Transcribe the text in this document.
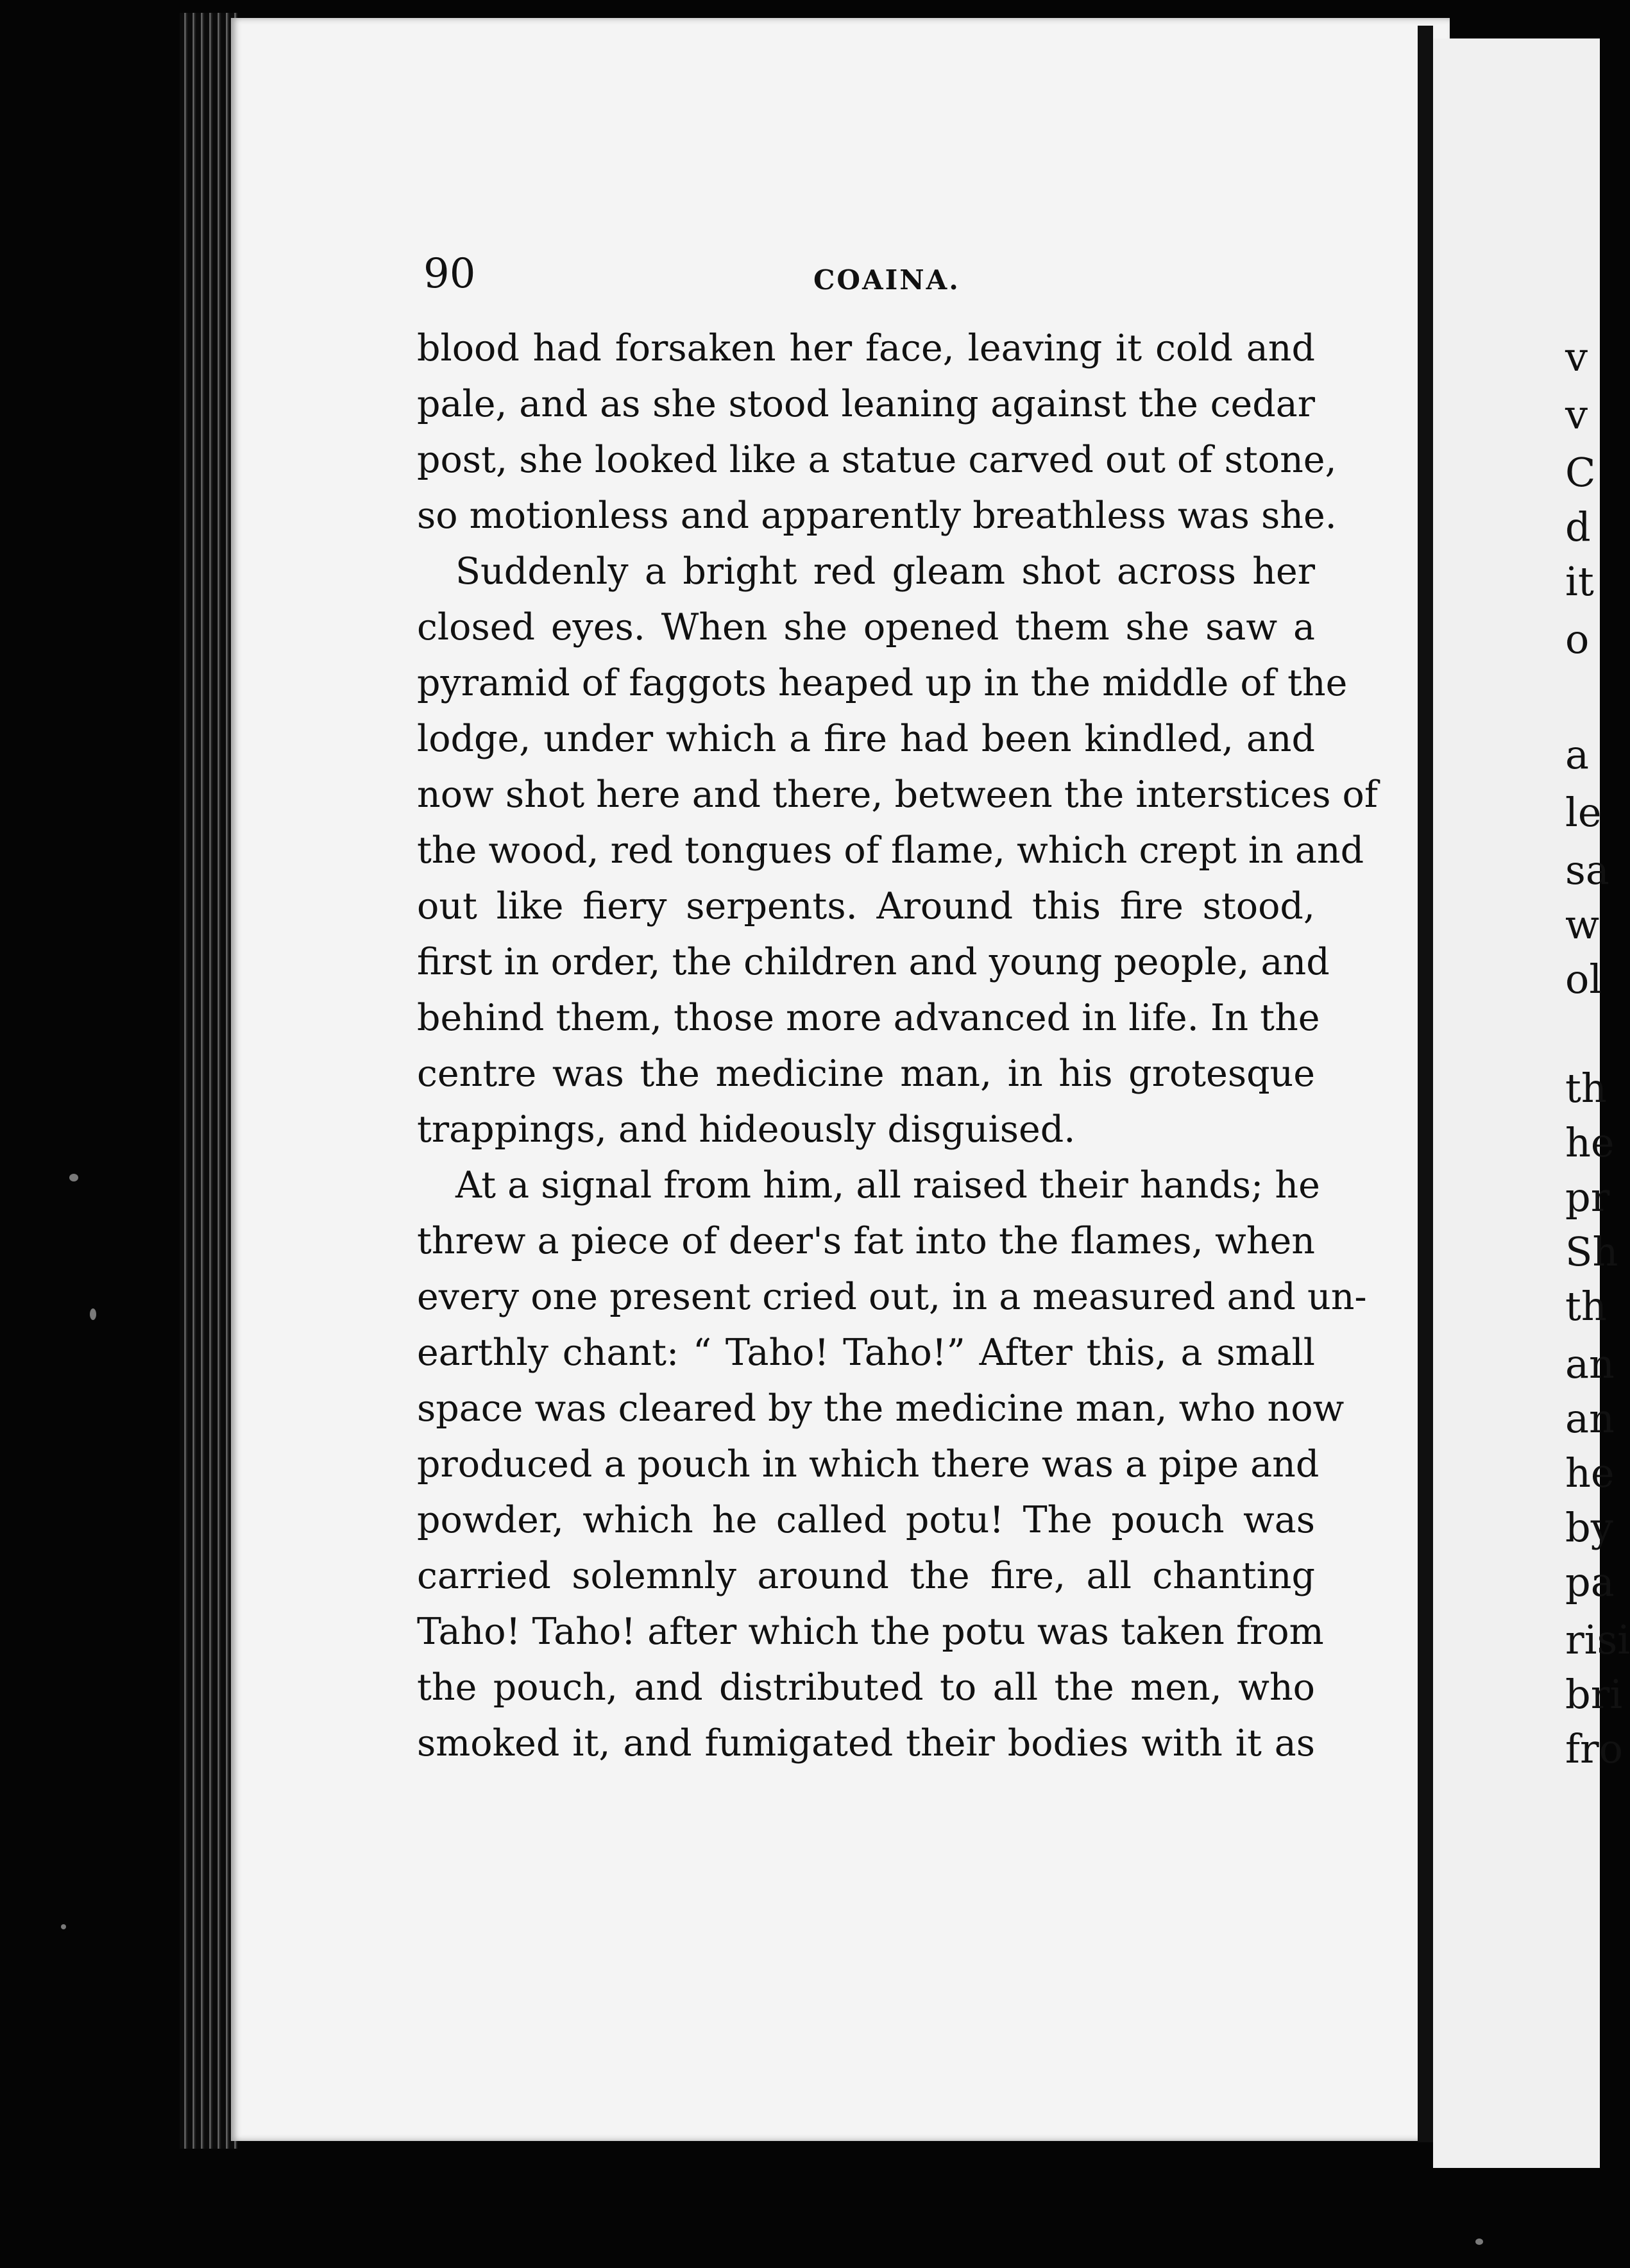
90	COAINA.
blood had forsaken her face, leaving it cold and
pale, and as she stood leaning against the cedar
post, she looked like a statue carved out of stone,
so motionless and apparently breathless was she.
Suddenly a bright red gleam shot across her
closed eyes. When she opened them she saw a
pyramid of faggots heaped up in the middle of the
lodge, under which a fire had been kindled, and
now shot here and there, between the interstices of
the wood, red tongues of flame, which crept in and
out like fiery serpents. Around this fire stood,
first in order, the children and young people, and
behind them, those more advanced in life. In the
centre was the medicine man, in his grotesque
trappings, and hideously disguised.
At a signal from him, all raised their hands; he
threw a piece of deer's fat into the flames, when
every one present cried out, in a measured and un-
earthly chant: “ Taho! Taho!” After this, a small
space was cleared by the medicine man, who now
produced a pouch in which there was a pipe and
powder, which he called potu! The pouch was
carried solemnly around the fire, all chanting
Taho! Taho! after which the potu was taken from
the pouch, and distributed to all the men, who
smoked it, and fumigated their bodies with it as
v
v
C
d
it
o
a
le
sa
w
ol
th
he
pr
Sh
th
an
an
he
by
pa
risi
bri
fro
